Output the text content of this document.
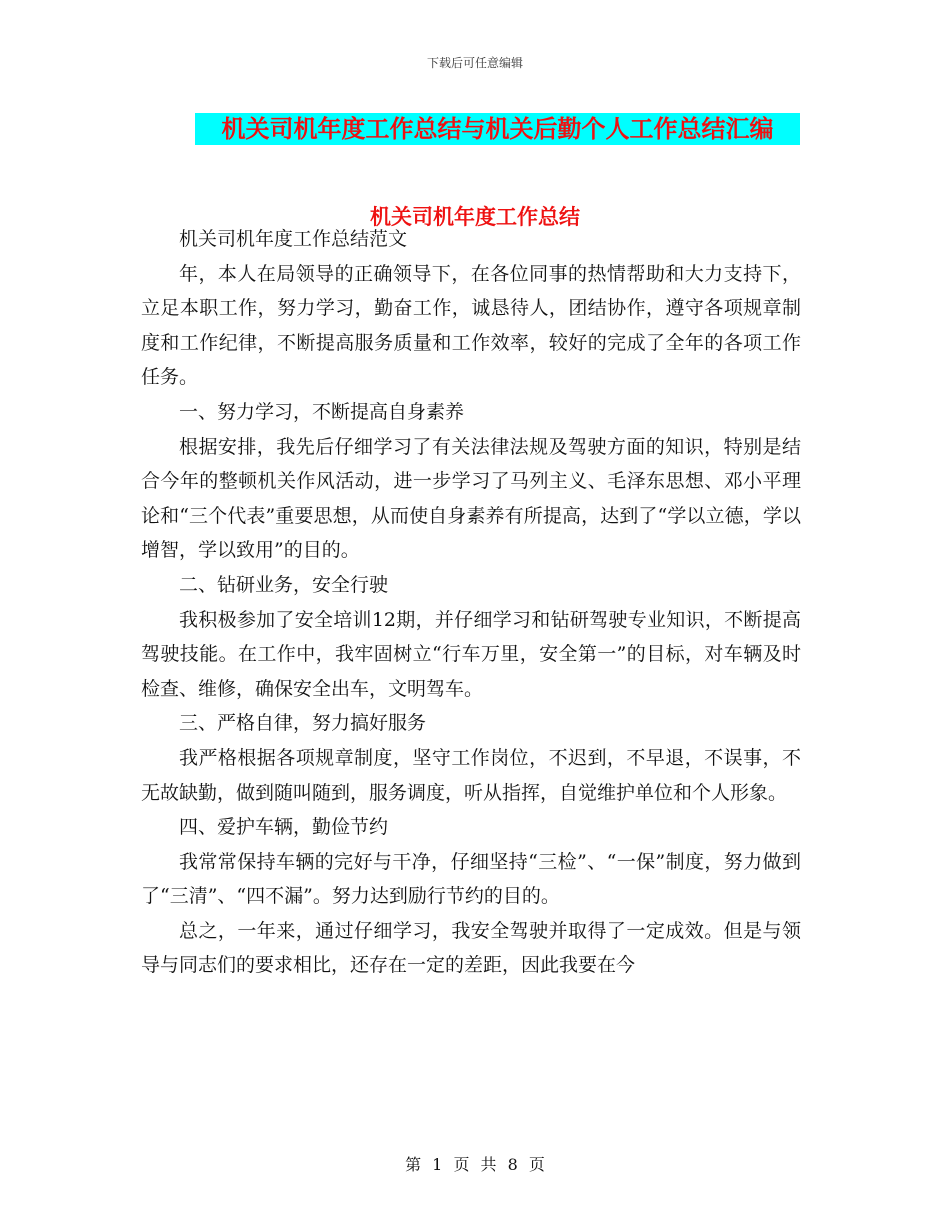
下载后可任意编辑
机关司机年度工作总结与机关后勤个人工作总结汇编
机关司机年度工作总结

机关司机年度工作总结范文

年，本人在局领导的正确领导下，在各位同事的热情帮助和大力支持下，立足本职工作，努力学习，勤奋工作，诚恳待人，团结协作，遵守各项规章制度和工作纪律，不断提高服务质量和工作效率，较好的完成了全年的各项工作任务。

一、努力学习，不断提高自身素养

根据安排，我先后仔细学习了有关法律法规及驾驶方面的知识，特别是结合今年的整顿机关作风活动，进一步学习了马列主义、毛泽东思想、邓小平理论和“三个代表”重要思想，从而使自身素养有所提高，达到了“学以立德，学以增智，学以致用”的目的。

二、钻研业务，安全行驶

我积极参加了安全培训12期，并仔细学习和钻研驾驶专业知识，不断提高驾驶技能。在工作中，我牢固树立“行车万里，安全第一”的目标，对车辆及时检查、维修，确保安全出车，文明驾车。

三、严格自律，努力搞好服务

我严格根据各项规章制度，坚守工作岗位，不迟到，不早退，不误事，不无故缺勤，做到随叫随到，服务调度，听从指挥，自觉维护单位和个人形象。

四、爱护车辆，勤俭节约

我常常保持车辆的完好与干净，仔细坚持“三检”、“一保”制度，努力做到了“三清”、“四不漏”。努力达到励行节约的目的。

总之，一年来，通过仔细学习，我安全驾驶并取得了一定成效。但是与领导与同志们的要求相比，还存在一定的差距，因此我要在今

第 1 页 共 8 页
